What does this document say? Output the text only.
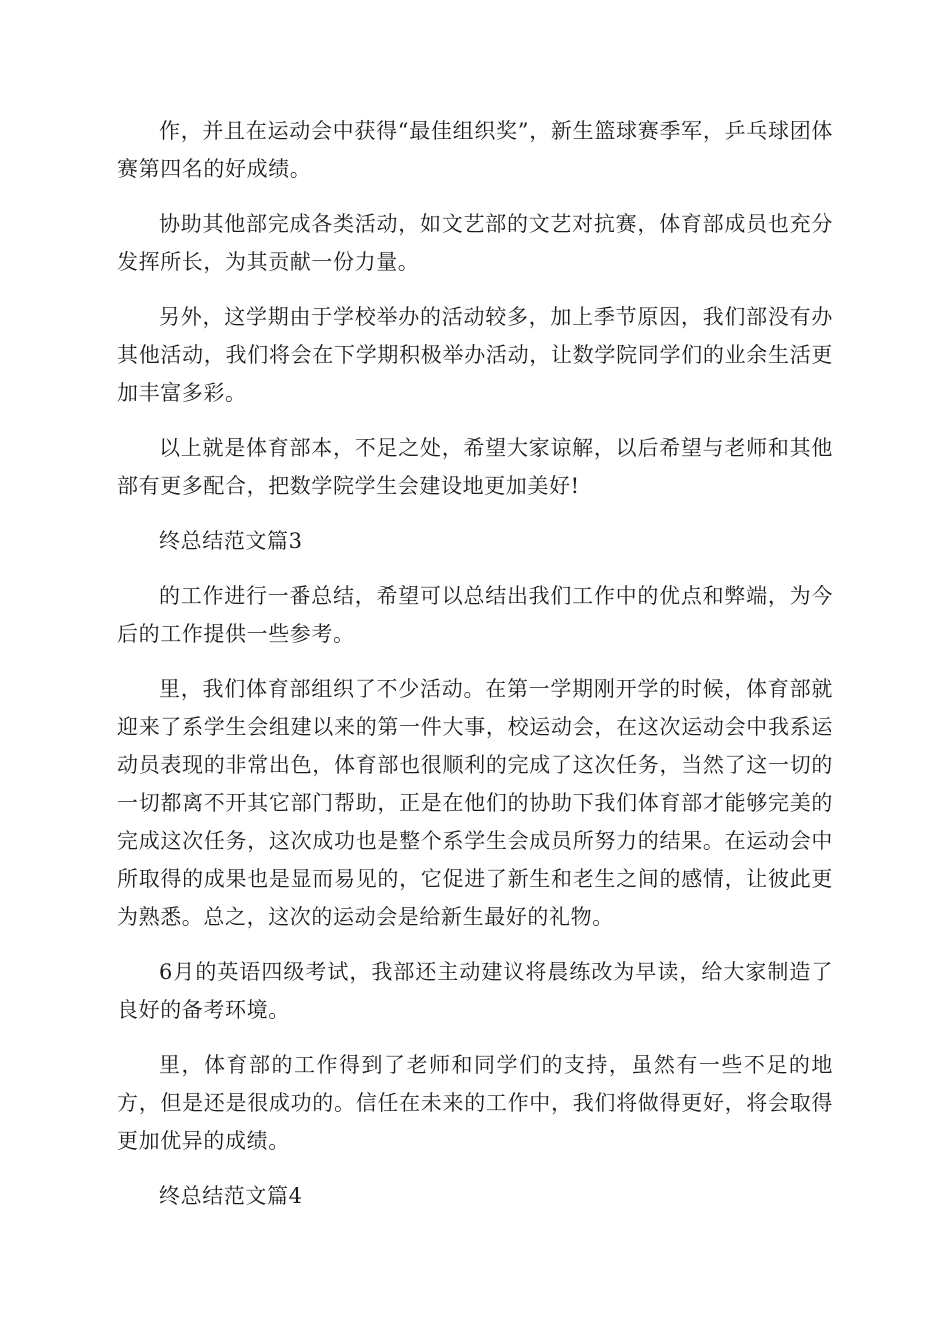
作，并且在运动会中获得“最佳组织奖”，新生篮球赛季军，乒乓球团体赛第四名的好成绩。

协助其他部完成各类活动，如文艺部的文艺对抗赛，体育部成员也充分发挥所长，为其贡献一份力量。

另外，这学期由于学校举办的活动较多，加上季节原因，我们部没有办其他活动，我们将会在下学期积极举办活动，让数学院同学们的业余生活更加丰富多彩。

以上就是体育部本，不足之处，希望大家谅解，以后希望与老师和其他部有更多配合，把数学院学生会建设地更加美好!

终总结范文篇3

的工作进行一番总结，希望可以总结出我们工作中的优点和弊端，为今后的工作提供一些参考。

里，我们体育部组织了不少活动。在第一学期刚开学的时候，体育部就迎来了系学生会组建以来的第一件大事，校运动会，在这次运动会中我系运动员表现的非常出色，体育部也很顺利的完成了这次任务，当然了这一切的一切都离不开其它部门帮助，正是在他们的协助下我们体育部才能够完美的完成这次任务，这次成功也是整个系学生会成员所努力的结果。在运动会中所取得的成果也是显而易见的，它促进了新生和老生之间的感情，让彼此更为熟悉。总之，这次的运动会是给新生最好的礼物。

6月的英语四级考试，我部还主动建议将晨练改为早读，给大家制造了良好的备考环境。

里，体育部的工作得到了老师和同学们的支持，虽然有一些不足的地方，但是还是很成功的。信任在未来的工作中，我们将做得更好，将会取得更加优异的成绩。

终总结范文篇4
